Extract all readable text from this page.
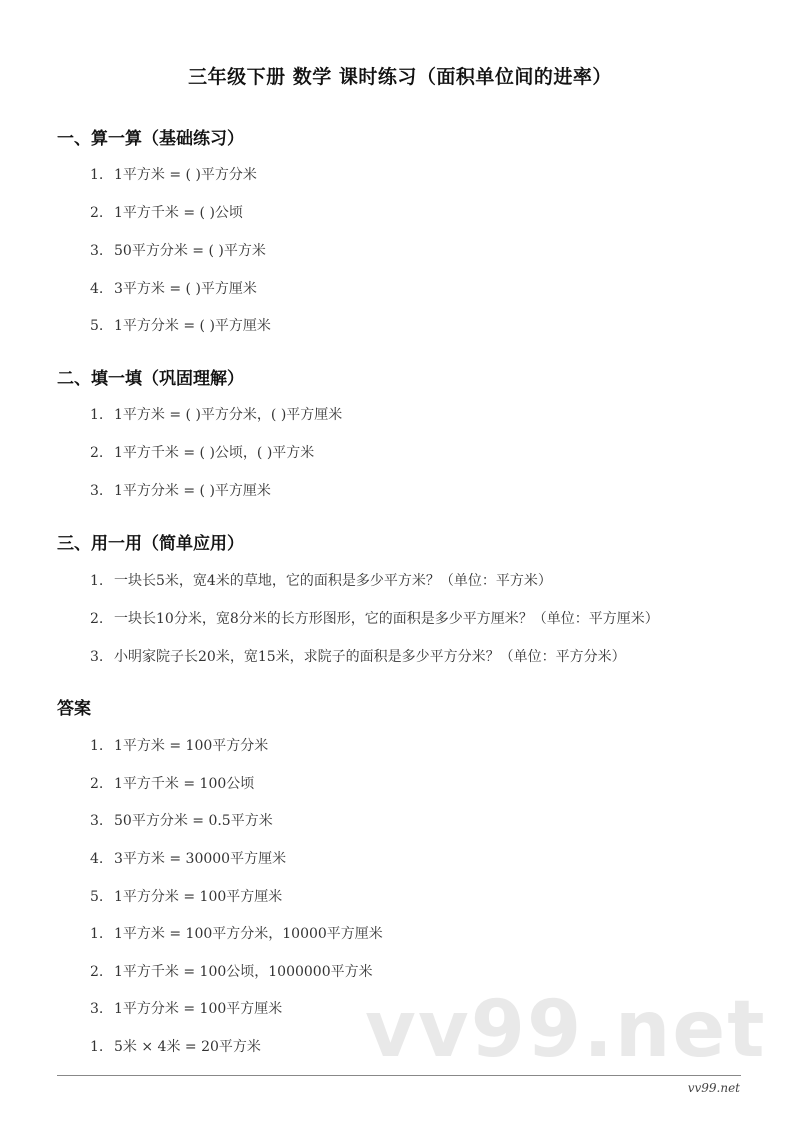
三年级下册 数学 课时练习（面积单位间的进率）
一、算一算（基础练习）
1. 1平方米 = ( )平方分米
2. 1平方千米 = ( )公顷
3. 50平方分米 = ( )平方米
4. 3平方米 = ( )平方厘米
5. 1平方分米 = ( )平方厘米
二、填一填（巩固理解）
1. 1平方米 = ( )平方分米，( )平方厘米
2. 1平方千米 = ( )公顷，( )平方米
3. 1平方分米 = ( )平方厘米
三、用一用（简单应用）
1. 一块长5米，宽4米的草地，它的面积是多少平方米？（单位：平方米）
2. 一块长10分米，宽8分米的长方形图形，它的面积是多少平方厘米？（单位：平方厘米）
3. 小明家院子长20米，宽15米，求院子的面积是多少平方分米？（单位：平方分米）
答案
1. 1平方米 = 100平方分米
2. 1平方千米 = 100公顷
3. 50平方分米 = 0.5平方米
4. 3平方米 = 30000平方厘米
5. 1平方分米 = 100平方厘米
1. 1平方米 = 100平方分米，10000平方厘米
2. 1平方千米 = 100公顷，1000000平方米
3. 1平方分米 = 100平方厘米
1. 5米 × 4米 = 20平方米 vv99.net
vv99.net
